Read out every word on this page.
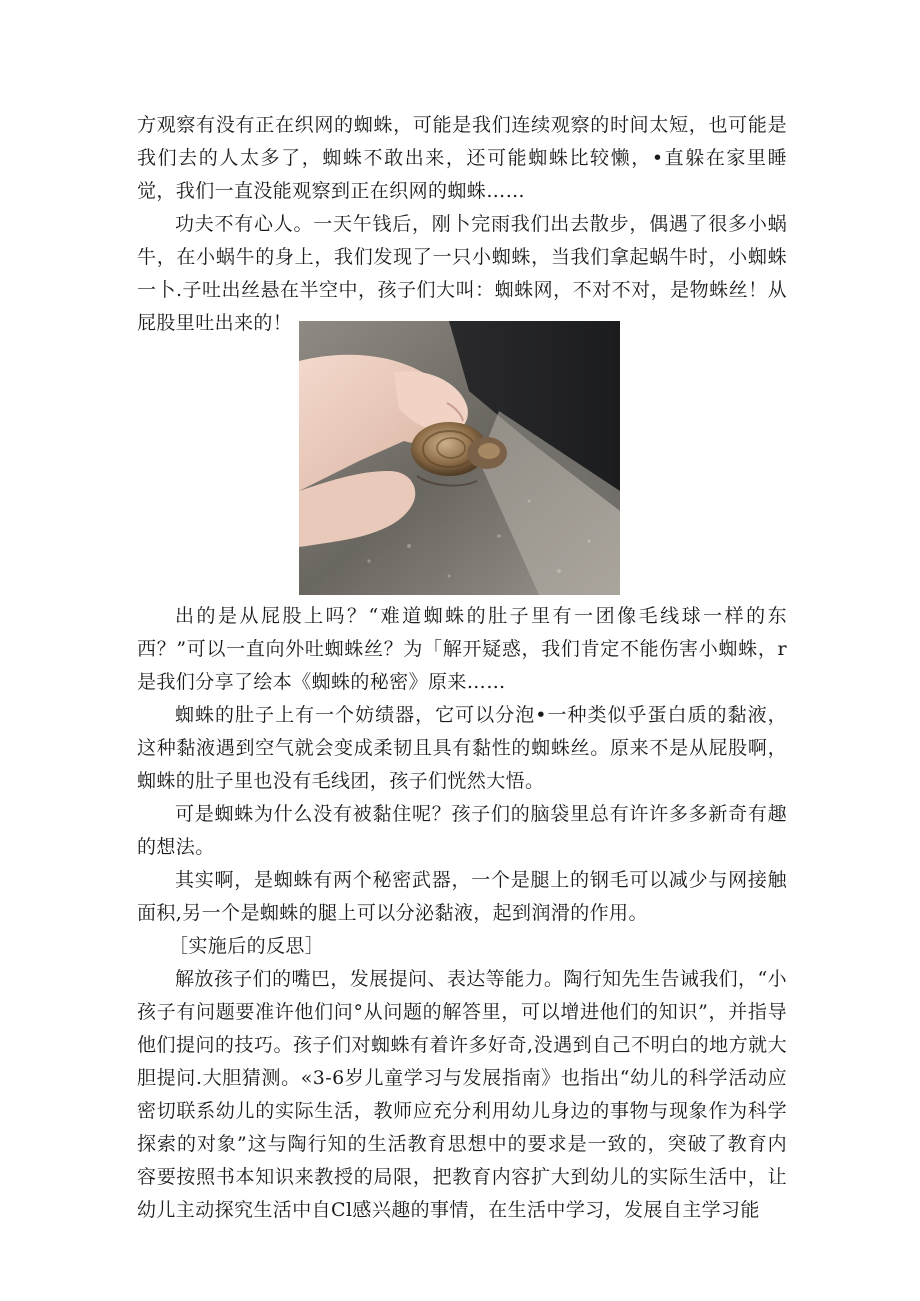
方观察有没有正在织网的蜘蛛，可能是我们连续观察的时间太短，也可能是我们去的人太多了，蜘蛛不敢出来，还可能蜘蛛比较懒，•直躲在家里睡觉，我们一直没能观察到正在织网的蜘蛛……

功夫不有心人。一天午钱后，刚卜完雨我们出去散步，偶遇了很多小蜗牛，在小蜗牛的身上，我们发现了一只小蜘蛛，当我们拿起蜗牛时，小蜘蛛一卜.子吐出丝悬在半空中，孩子们大叫：蜘蛛网，不对不对，是物蛛丝！从屁股里吐出来的！

出的是从屁股上吗？“难道蜘蛛的肚子里有一团像毛线球一样的东西？”可以一直向外吐蜘蛛丝？为「解开疑惑，我们肯定不能伤害小蜘蛛，r是我们分享了绘本《蜘蛛的秘密》原来……

蜘蛛的肚子上有一个妨绩器，它可以分泡•一种类似乎蛋白质的黏液，这种黏液遇到空气就会变成柔韧且具有黏性的蜘蛛丝。原来不是从屁股啊，蜘蛛的肚子里也没有毛线团，孩子们恍然大悟。

可是蜘蛛为什么没有被黏住呢？孩子们的脑袋里总有许许多多新奇有趣的想法。

其实啊，是蜘蛛有两个秘密武器，一个是腿上的钢毛可以减少与网接触面积,另一个是蜘蛛的腿上可以分泌黏液，起到润滑的作用。

［实施后的反思］

解放孩子们的嘴巴，发展提问、表达等能力。陶行知先生告诫我们，“小孩子有问题要准许他们问°从问题的解答里，可以增进他们的知识”，并指导他们提问的技巧。孩子们对蜘蛛有着许多好奇,没遇到自己不明白的地方就大胆提问.大胆猜测。«3-6岁儿童学习与发展指南》也指出“幼儿的科学活动应密切联系幼儿的实际生活，教师应充分利用幼儿身边的事物与现象作为科学探索的对象”这与陶行知的生活教育思想中的要求是一致的，突破了教育内容要按照书本知识来教授的局限，把教育内容扩大到幼儿的实际生活中，让幼儿主动探究生活中自Cl感兴趣的事情，在生活中学习，发展自主学习能
